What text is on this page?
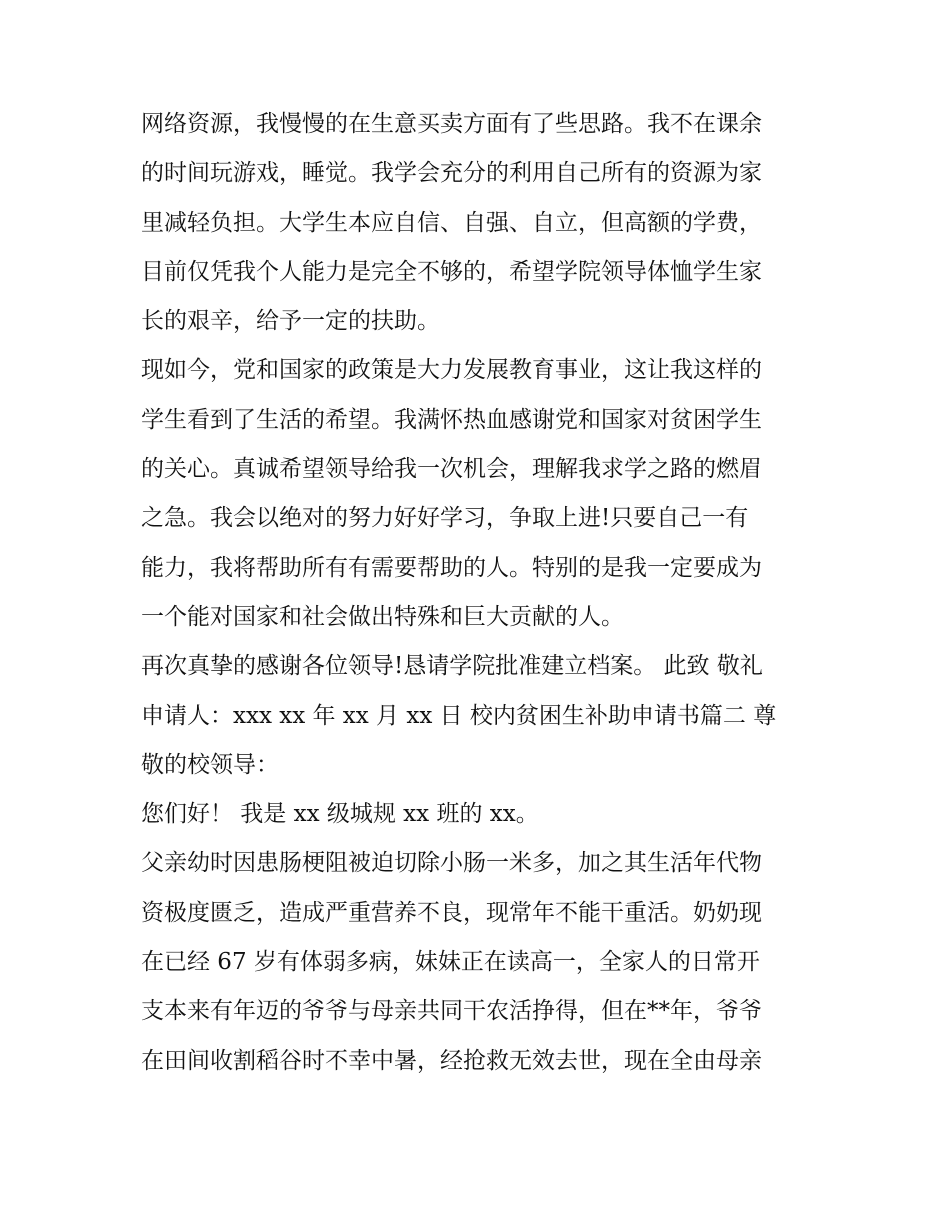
网络资源，我慢慢的在生意买卖方面有了些思路。我不在课余
的时间玩游戏，睡觉。我学会充分的利用自己所有的资源为家
里减轻负担。大学生本应自信、自强、自立，但高额的学费，
目前仅凭我个人能力是完全不够的，希望学院领导体恤学生家
长的艰辛，给予一定的扶助。
现如今，党和国家的政策是大力发展教育事业，这让我这样的
学生看到了生活的希望。我满怀热血感谢党和国家对贫困学生
的关心。真诚希望领导给我一次机会，理解我求学之路的燃眉
之急。我会以绝对的努力好好学习，争取上进!只要自己一有
能力，我将帮助所有有需要帮助的人。特别的是我一定要成为
一个能对国家和社会做出特殊和巨大贡献的人。
再次真挚的感谢各位领导!恳请学院批准建立档案。 此致 敬礼
申请人：xxx xx 年 xx 月 xx 日 校内贫困生补助申请书篇二 尊
敬的校领导：
您们好！ 我是 xx 级城规 xx 班的 xx。
父亲幼时因患肠梗阻被迫切除小肠一米多，加之其生活年代物
资极度匮乏，造成严重营养不良，现常年不能干重活。奶奶现
在已经 67 岁有体弱多病，妹妹正在读高一，全家人的日常开
支本来有年迈的爷爷与母亲共同干农活挣得，但在**年，爷爷
在田间收割稻谷时不幸中暑，经抢救无效去世，现在全由母亲
